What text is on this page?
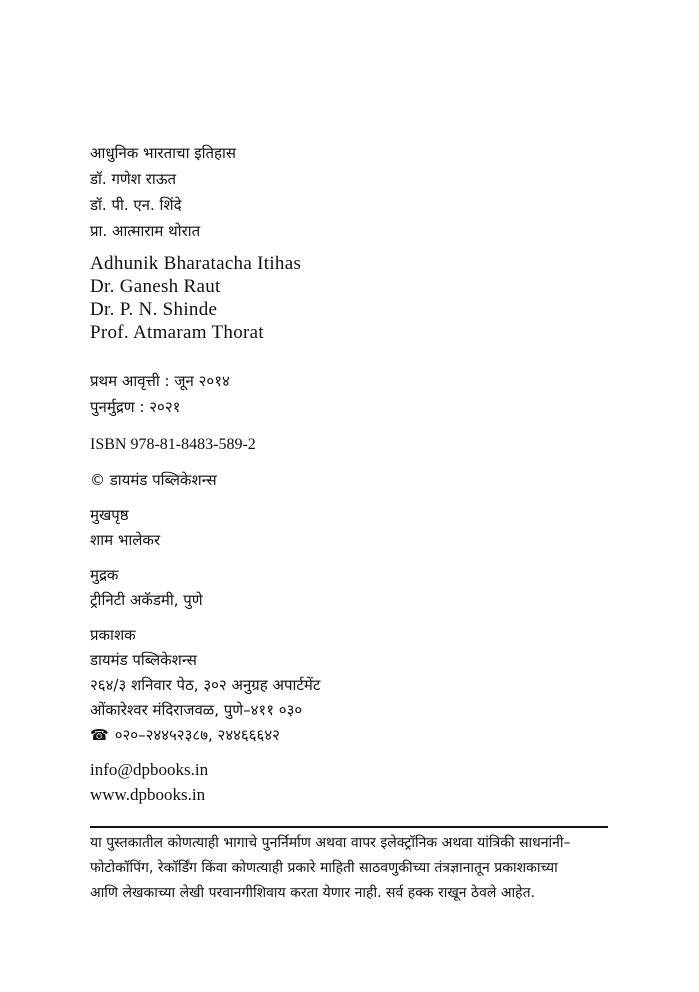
आधुनिक भारताचा इतिहास
डॉ. गणेश राऊत
डॉ. पी. एन. शिंदे
प्रा. आत्माराम थोरात
Adhunik Bharatacha Itihas
Dr. Ganesh Raut
Dr. P. N. Shinde
Prof. Atmaram Thorat
प्रथम आवृत्ती : जून २०१४
पुनर्मुद्रण : २०२१
ISBN 978-81-8483-589-2
© डायमंड पब्लिकेशन्स
मुखपृष्ठ
शाम भालेकर
मुद्रक
ट्रीनिटी अकॅडमी, पुणे
प्रकाशक
डायमंड पब्लिकेशन्स
२६४/३ शनिवार पेठ, ३०२ अनुग्रह अपार्टमेंट
ओंकारेश्वर मंदिराजवळ, पुणे–४११ ०३०
☎ ०२०–२४४५२३८७, २४४६६६४२
info@dpbooks.in
www.dpbooks.in
या पुस्तकातील कोणत्याही भागाचे पुनर्निर्माण अथवा वापर इलेक्ट्रॉनिक अथवा यांत्रिकी साधनांनी–
फोटोकॉपिंग, रेकॉर्डिंग किंवा कोणत्याही प्रकारे माहिती साठवणुकीच्या तंत्रज्ञानातून प्रकाशकाच्या
आणि लेखकाच्या लेखी परवानगीशिवाय करता येणार नाही. सर्व हक्क राखून ठेवले आहेत.
